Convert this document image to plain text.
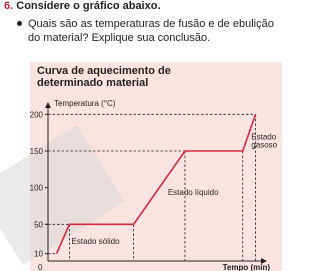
6. Considere o gráfico abaixo.
Quais são as temperaturas de fusão e de ebulição do material? Explique sua conclusão.
Curva de aquecimento de determinado material
200
150
100
50
10
0
Temperatura (°C)
Tempo (min)
Estado sólido
Estado líquido
Estado
gasoso
